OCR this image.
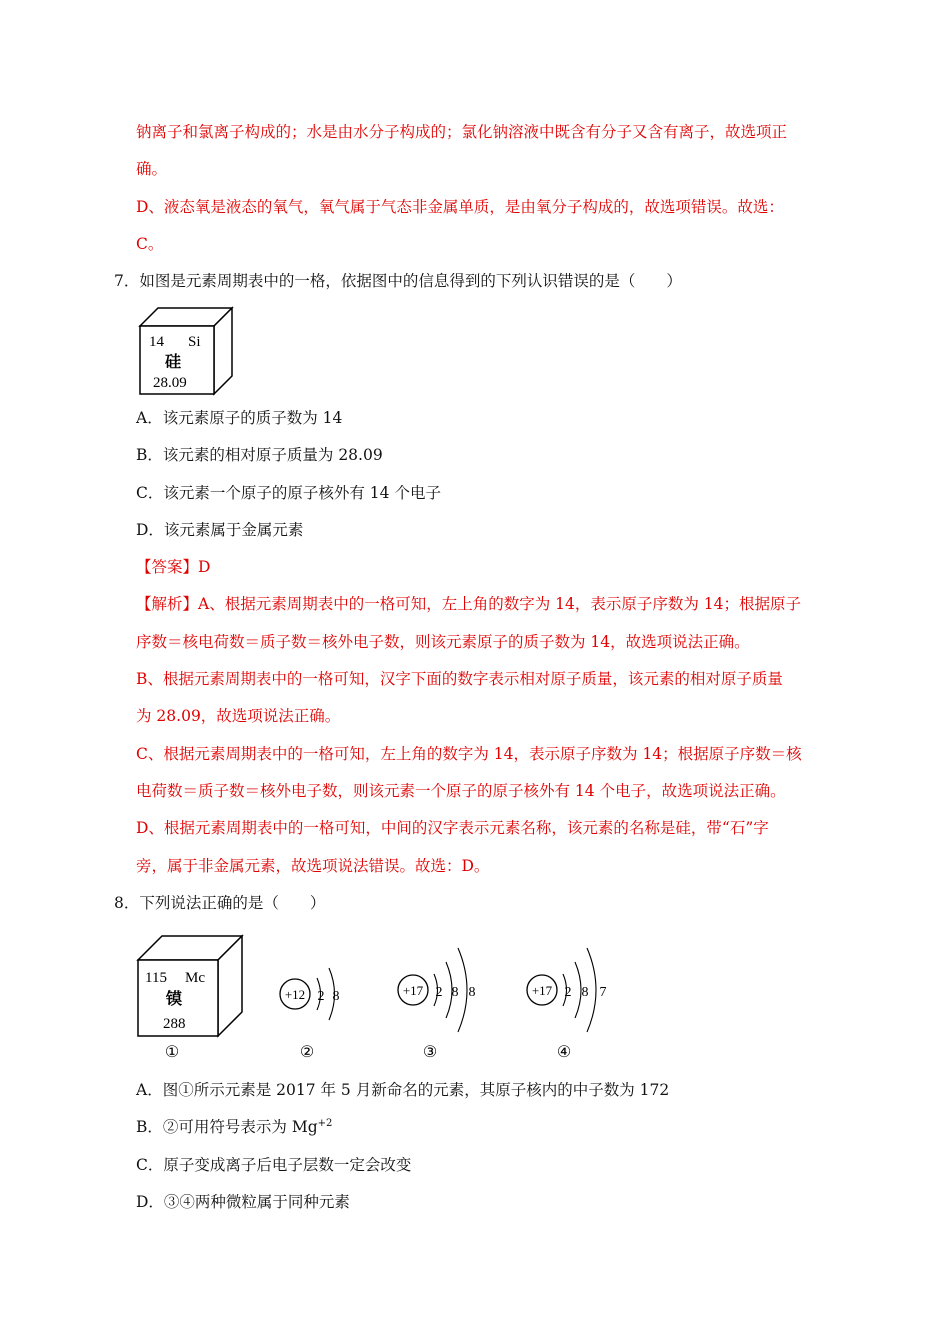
钠离子和氯离子构成的；水是由水分子构成的；氯化钠溶液中既含有分子又含有离子，故选项正
确。
D、液态氧是液态的氧气，氧气属于气态非金属单质，是由氧分子构成的，故选项错误。故选：
C。
7．如图是元素周期表中的一格，依据图中的信息得到的下列认识错误的是（　　）
14 Si
硅
28.09
A．该元素原子的质子数为 14
B．该元素的相对原子质量为 28.09
C．该元素一个原子的原子核外有 14 个电子
D．该元素属于金属元素
【答案】D
【解析】A、根据元素周期表中的一格可知，左上角的数字为 14，表示原子序数为 14；根据原子
序数＝核电荷数＝质子数＝核外电子数，则该元素原子的质子数为 14，故选项说法正确。
B、根据元素周期表中的一格可知，汉字下面的数字表示相对原子质量，该元素的相对原子质量
为 28.09，故选项说法正确。
C、根据元素周期表中的一格可知，左上角的数字为 14，表示原子序数为 14；根据原子序数＝核
电荷数＝质子数＝核外电子数，则该元素一个原子的原子核外有 14 个电子，故选项说法正确。
D、根据元素周期表中的一格可知，中间的汉字表示元素名称，该元素的名称是硅，带“石”字
旁，属于非金属元素，故选项说法错误。故选：D。
8．下列说法正确的是（　　）
115 Mc
镆
288
+12 2 8	+17 2 8 8	+17 2 8 7
①	②	③	④
A．图①所示元素是 2017 年 5 月新命名的元素，其原子核内的中子数为 172
B．②可用符号表示为 $Mg^{+2}$
C．原子变成离子后电子层数一定会改变
D．③④两种微粒属于同种元素
